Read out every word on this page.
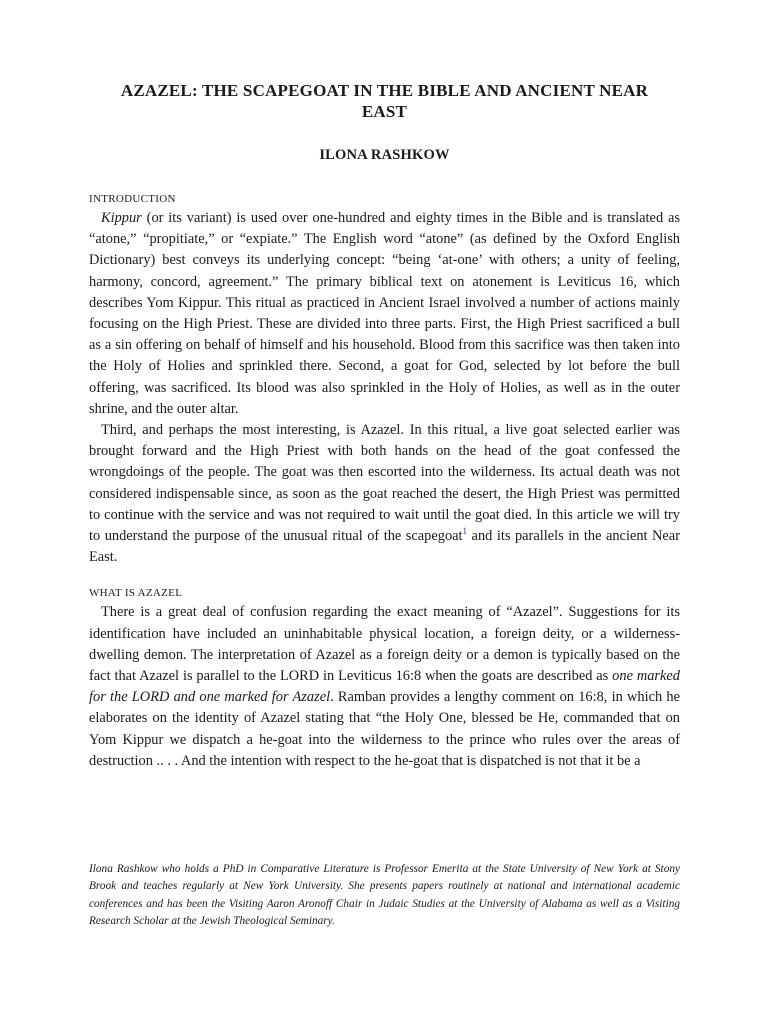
AZAZEL: THE SCAPEGOAT IN THE BIBLE AND ANCIENT NEAR EAST
ILONA RASHKOW
INTRODUCTION

Kippur (or its variant) is used over one-hundred and eighty times in the Bible and is translated as “atone,” “propitiate,” or “expiate.” The English word “atone” (as defined by the Oxford English Dictionary) best conveys its underlying concept: “being ‘at-one’ with others; a unity of feeling, harmony, concord, agreement.” The primary biblical text on atonement is Leviticus 16, which describes Yom Kippur. This ritual as practiced in Ancient Israel involved a number of actions mainly focusing on the High Priest. These are divided into three parts. First, the High Priest sacrificed a bull as a sin offering on behalf of himself and his household. Blood from this sacrifice was then taken into the Holy of Holies and sprinkled there. Second, a goat for God, selected by lot before the bull offering, was sacrificed. Its blood was also sprinkled in the Holy of Holies, as well as in the outer shrine, and the outer altar.

Third, and perhaps the most interesting, is Azazel. In this ritual, a live goat selected earlier was brought forward and the High Priest with both hands on the head of the goat confessed the wrongdoings of the people. The goat was then escorted into the wilderness. Its actual death was not considered indispensable since, as soon as the goat reached the desert, the High Priest was permitted to continue with the service and was not required to wait until the goat died. In this article we will try to understand the purpose of the unusual ritual of the scapegoat$^1$ and its parallels in the ancient Near East.

WHAT IS AZAZEL

There is a great deal of confusion regarding the exact meaning of “Azazel”. Suggestions for its identification have included an uninhabitable physical location, a foreign deity, or a wilderness-dwelling demon. The interpretation of Azazel as a foreign deity or a demon is typically based on the fact that Azazel is parallel to the LORD in Leviticus 16:8 when the goats are described as one marked for the LORD and one marked for Azazel. Ramban provides a lengthy comment on 16:8, in which he elaborates on the identity of Azazel stating that “the Holy One, blessed be He, commanded that on Yom Kippur we dispatch a he-goat into the wilderness to the prince who rules over the areas of destruction .. . . And the intention with respect to the he-goat that is dispatched is not that it be a

Ilona Rashkow who holds a PhD in Comparative Literature is Professor Emerita at the State University of New York at Stony Brook and teaches regularly at New York University. She presents papers routinely at national and international academic conferences and has been the Visiting Aaron Aronoff Chair in Judaic Studies at the University of Alabama as well as a Visiting Research Scholar at the Jewish Theological Seminary.
